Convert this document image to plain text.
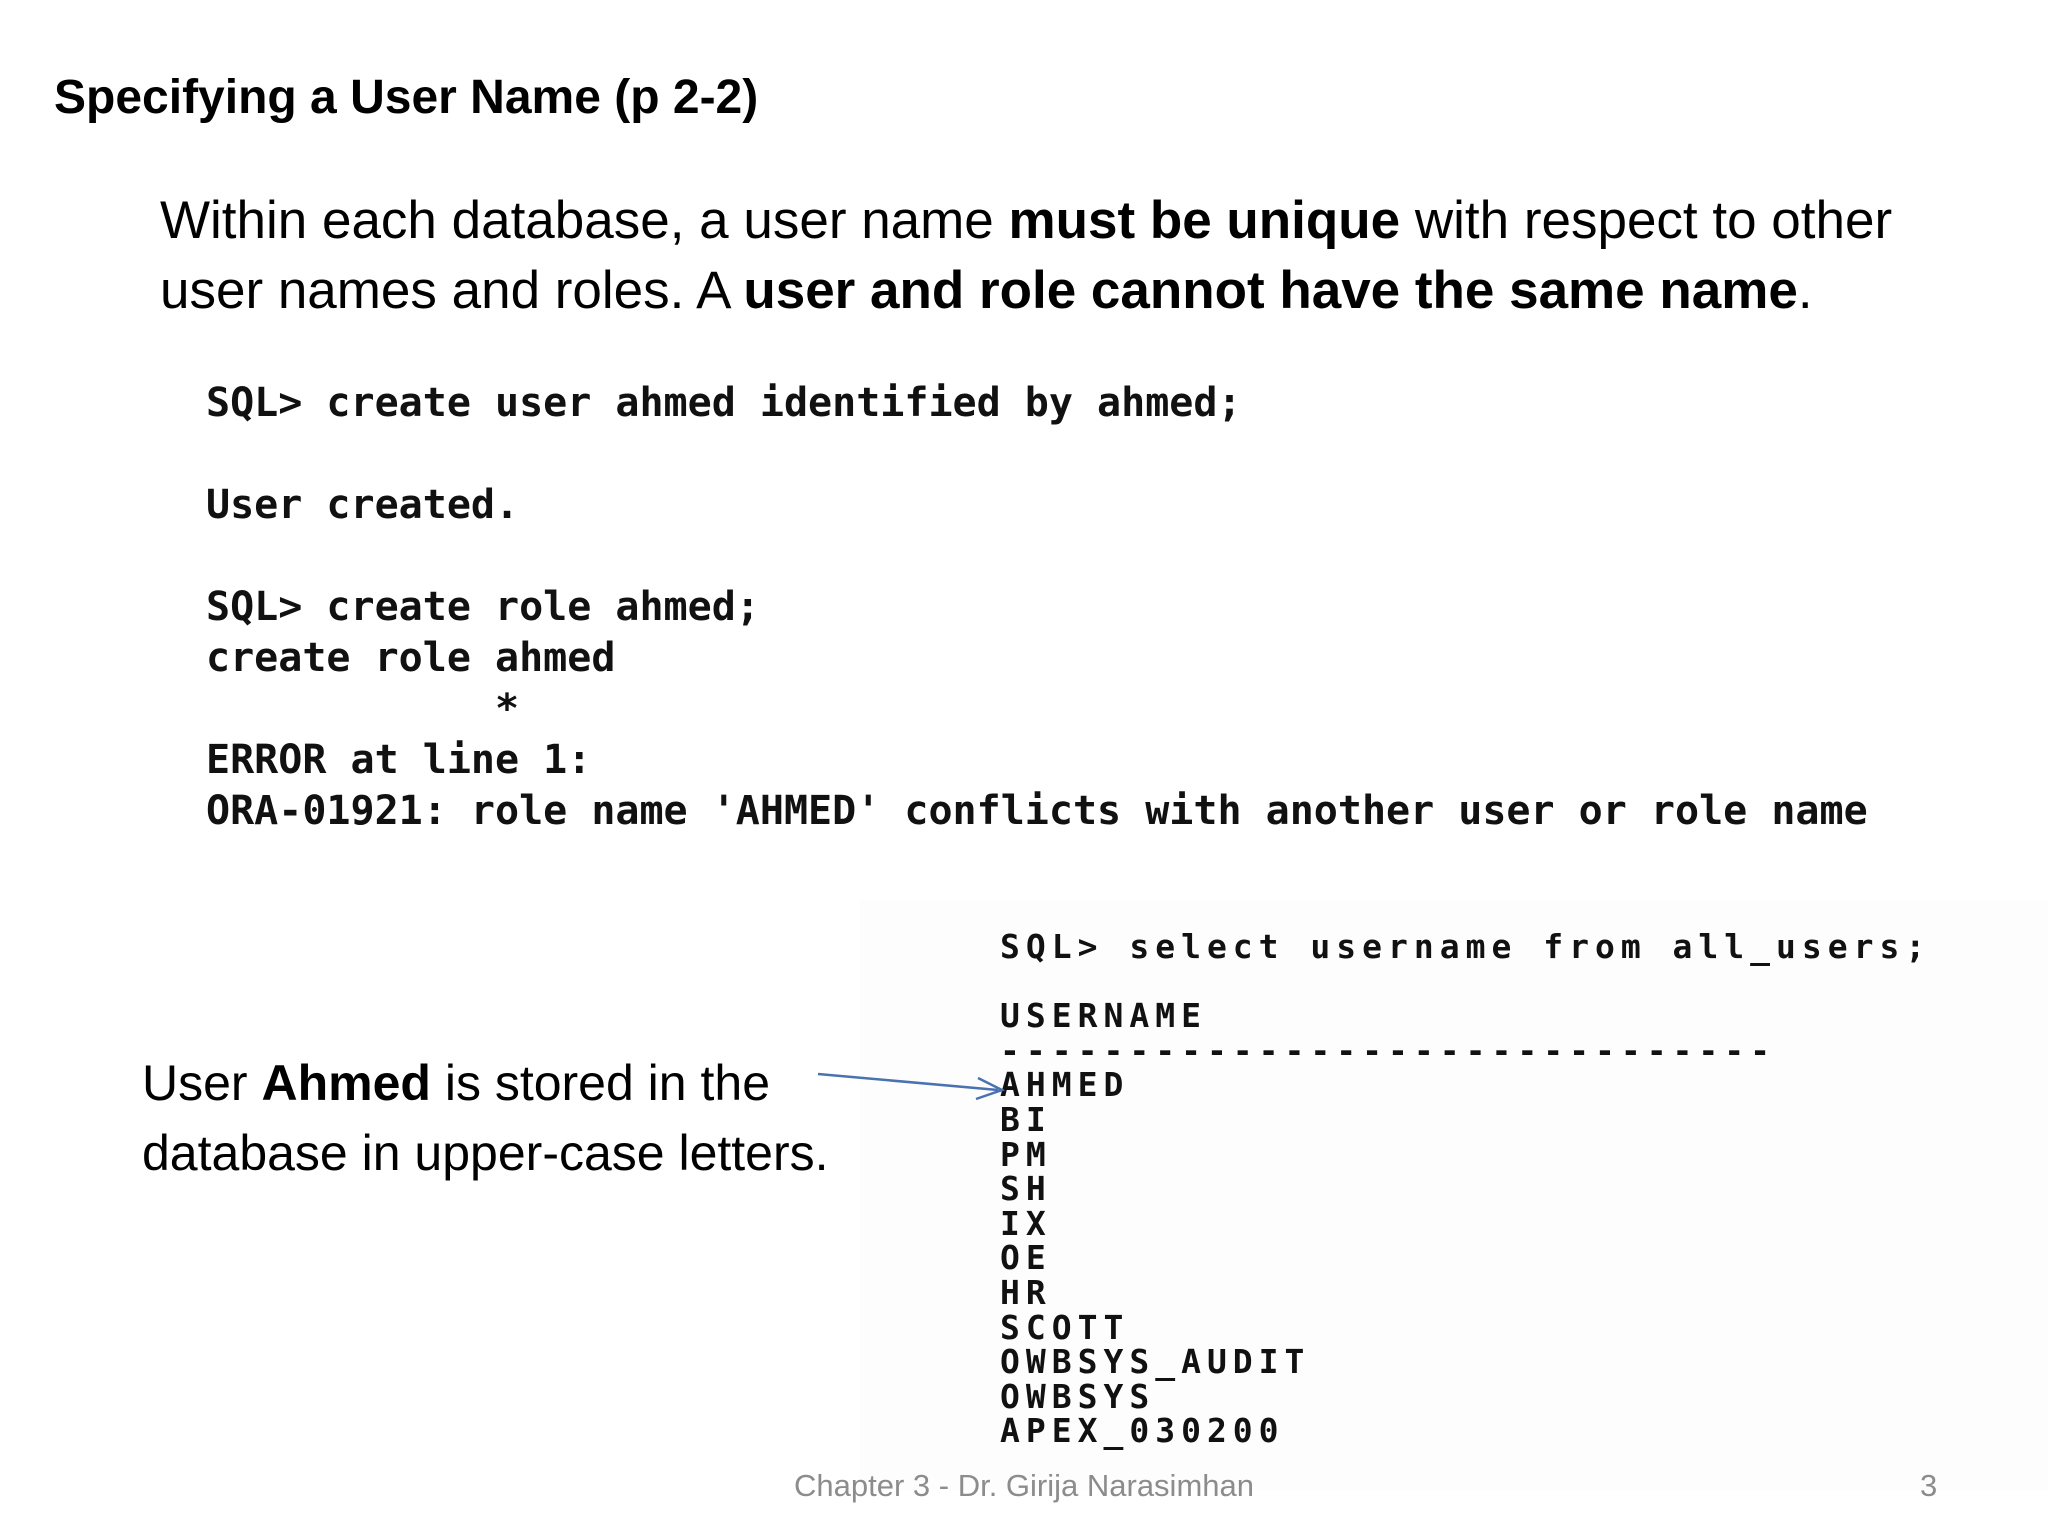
Specifying a User Name (p 2-2)
Within each database, a user name must be unique with respect to other user names and roles. A user and role cannot have the same name.
SQL> create user ahmed identified by ahmed;
User created.
SQL> create role ahmed;
create role ahmed
*
ERROR at line 1:
ORA-01921: role name 'AHMED' conflicts with another user or role name
SQL> select username from all_users;
USERNAME
------------------------------
AHMED
BI
PM
SH
IX
OE
HR
SCOTT
OWBSYS_AUDIT
OWBSYS
APEX_030200
User Ahmed is stored in the database in upper-case letters.
Chapter 3 - Dr. Girija Narasimhan	3
